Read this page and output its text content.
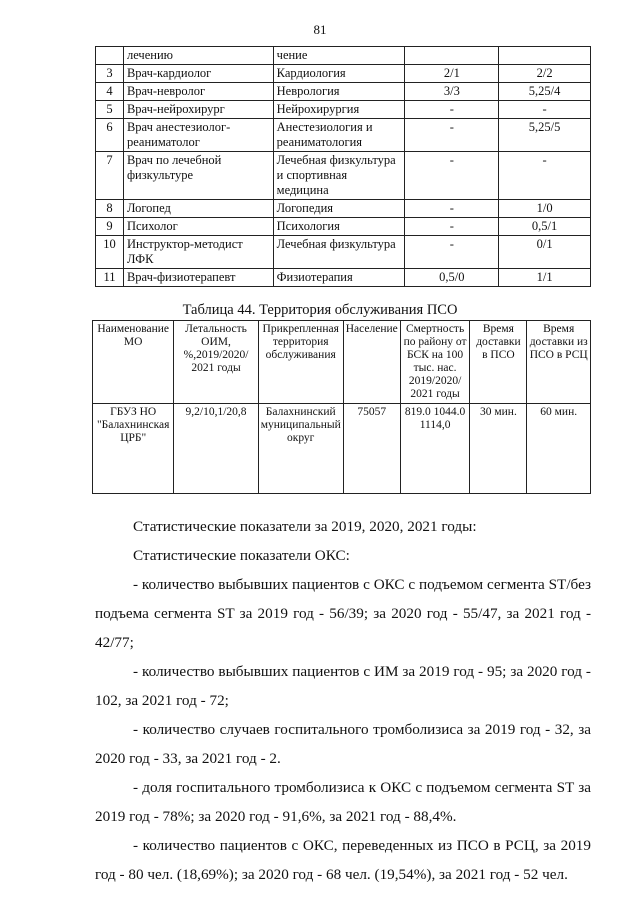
81
	лечению	чение		
3	Врач-кардиолог	Кардиология	2/1	2/2
4	Врач-невролог	Неврология	3/3	5,25/4
5	Врач-нейрохирург	Нейрохирургия	-	-
6	Врач анестезиолог-реаниматолог	Анестезиология и реаниматология	-	5,25/5
7	Врач по лечебной физкультуре	Лечебная физкультура и спортивная медицина	-	-
8	Логопед	Логопедия	-	1/0
9	Психолог	Психология	-	0,5/1
10	Инструктор-методист ЛФК	Лечебная физкультура	-	0/1
11	Врач-физиотерапевт	Физиотерапия	0,5/0	1/1
Таблица 44. Территория обслуживания ПСО
Наименование МО	Летальность ОИМ, %,2019/2020/ 2021 годы	Прикрепленная территория обслуживания	Население	Смертность по району от БСК на 100 тыс. нас. 2019/2020/ 2021 годы	Время доставки в ПСО	Время доставки из ПСО в РСЦ
ГБУЗ НО "Балахнинская ЦРБ"	9,2/10,1/20,8	Балахнинский муниципальный округ	75057	819.0 1044.0 1114,0	30 мин.	60 мин.

Статистические показатели за 2019, 2020, 2021 годы:

Статистические показатели ОКС:

- количество выбывших пациентов с ОКС с подъемом сегмента ST/без подъема сегмента ST за 2019 год - 56/39; за 2020 год - 55/47, за 2021 год - 42/77;

- количество выбывших пациентов с ИМ за 2019 год - 95; за 2020 год - 102, за 2021 год - 72;

- количество случаев госпитального тромболизиса за 2019 год - 32, за 2020 год - 33, за 2021 год - 2.

- доля госпитального тромболизиса к ОКС с подъемом сегмента ST за 2019 год - 78%; за 2020 год - 91,6%, за 2021 год - 88,4%.

- количество пациентов с ОКС, переведенных из ПСО в РСЦ, за 2019 год - 80 чел. (18,69%); за 2020 год - 68 чел. (19,54%), за 2021 год - 52 чел.
